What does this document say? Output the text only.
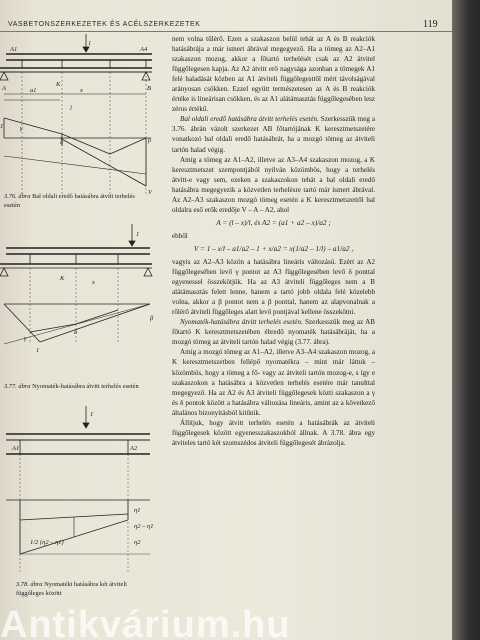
VASBETONSZERKEZETEK ÉS ACÉLSZERKEZETEK	119
A1	A4
1
A	B
a1	x
l
K
γ
δ	β
V
1
3.76. ábra Bal oldali eredő hatásábra átvitt terhelés esetén
1
K
x
β
γ
δ
1
3.77. ábra Nyomaték-hatásábra átvitt terhelés esetén
1
A1	A2
η1
η2 – η1
1/2 (η2 – η1)	η2
3.78. ábra Nyomatéki hatásábra két átviteli függőleges között

nem volna tűlérő. Ezen a szakaszon belül tehát az A és B reakciók hatásábrája a már ismert ábrával megegyező. Ha a tömeg az A2–A1 szakaszon mozog, akkor a főtartó terhelését csak az A2 átvitel függőlegesen kapja. Az A2 átvitt erő nagysága azonban a tömegek A1 felé haladását közben az A1 átviteli függőlegesttől mért távolságával arányosan csökken. Ezzel együtt természetesen az A és B reakciók értéke is lineárisan csökken, és az A1 alátámasztás függőlegesében lesz zérus értékű.

Bal oldali eredő hatásábra átvitt terhelés esetén. Szerkesszük meg a 3.76. ábrán vázolt szerkezet AB főtartójának K keresztmetszetére vonatkozó bal oldali eredő hatásábrát, ha a mozgó tömeg az átviteli tartón halad végig.

Amíg a tömeg az A1–A2, illetve az A3–A4 szakaszon mozog, a K keresztmetszet szempontjából nyilván közömbös, hogy a terhelés átvitt-e vagy sem, ezeken a szakaszokon tehát a bal oldali eredő hatásábra megegyezik a közvetlen terhelésre tartó már ismert ábrával. Az A2–A3 szakaszon mozgó tömeg esetén a K keresztmetszettől bal oldalra eső erők eredője V – A – A2, ahol

A = (l – x)/l, és A2 = (a1 + a2 – x)/a2 ;

ebből

V = 1 – x/l – a1/a2 – 1 + x/a2 = x(1/a2 – 1/l) – a1/a2 ,

vagyis az A2–A3 közön a hatásábra lineáris változású. Ezért az A2 függőlegesében levő γ pontot az A3 függőlegesében levő δ ponttal egyenessel összekötjük. Ha az A3 átviteli függőleges nem a B alátámasztás felett lenne, hanem a tartó jobb oldala felé közelebb volna, akkor a β pontot nem a β ponttal, hanem az alapvonalnak a rőlérő átviteli függőleges alatt levő pontjával kellene összekötni.

Nyomaték-hatásábra átvitt terhelés esetén. Szerkesszük meg az AB főtartó K keresztmetszetében ébredő nyomaték hatásábráját, ha a mozgó tömeg az átviteli tartón halad végig (3.77. ábra).

Amíg a mozgó tömeg az A1–A2, illetve A3–A4 szakaszon mozog, a K keresztmetszetben fellépő nyomatékra – mint már láttuk – közömbös, hogy a tömeg a fő- vagy az átviteli tartón mozog-e, s így e szakaszokon a hatásábra a közvetlen terhelés esetére már tanulttal megegyező. Ha az A2 és A3 átviteli függőlegesek közti szakaszon a γ és δ pontok között a hatásábra változása lineáris, amint az a következő általános bizonyításból kitűnik.

Állítjuk, hogy átvitt terhelés esetén a hatásábrák az átviteli függőlegesek között egyenesszakaszokból állnak. A 3.78. ábra egy átviteles tartó két szomszédos átviteli függőlegesét ábrázolja.

Antikvárium.hu
